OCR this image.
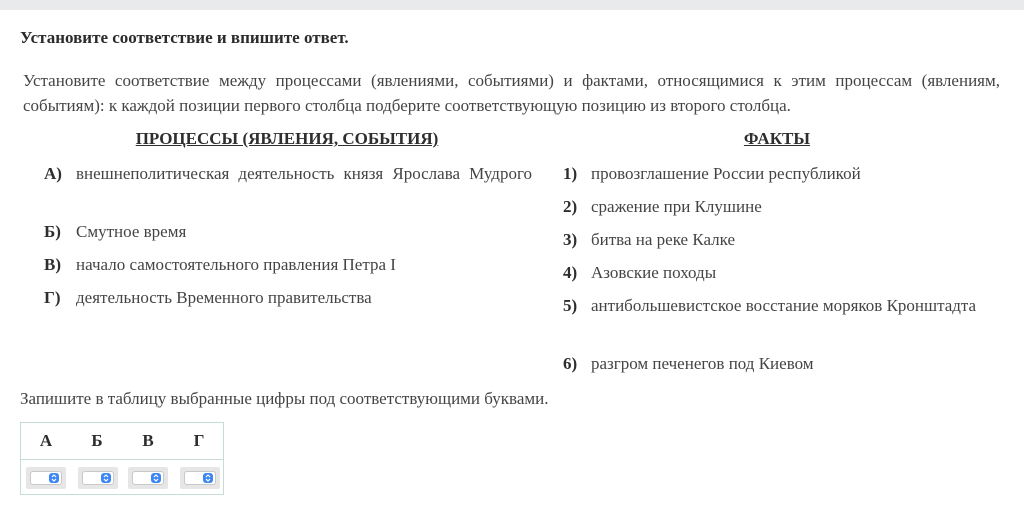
Установите соответствие и впишите ответ.
Установите соответствие между процессами (явлениями, событиями) и фактами, относящимися к этим процессам (явлениям, событиям): к каждой позиции первого столбца подберите соответствующую позицию из второго столбца.
ПРОЦЕССЫ (ЯВЛЕНИЯ, СОБЫТИЯ)	ФАКТЫ
А) внешнеполитическая деятельность князя Ярослава Мудрого
Б) Смутное время
В) начало самостоятельного правления Петра I
Г) деятельность Временного правительства
1) провозглашение России республикой
2) сражение при Клушине
3) битва на реке Калке
4) Азовские походы
5) антибольшевистское восстание моряков Кронштадта
6) разгром печенегов под Киевом
Запишите в таблицу выбранные цифры под соответствующими буквами.
А	Б	В	Г
